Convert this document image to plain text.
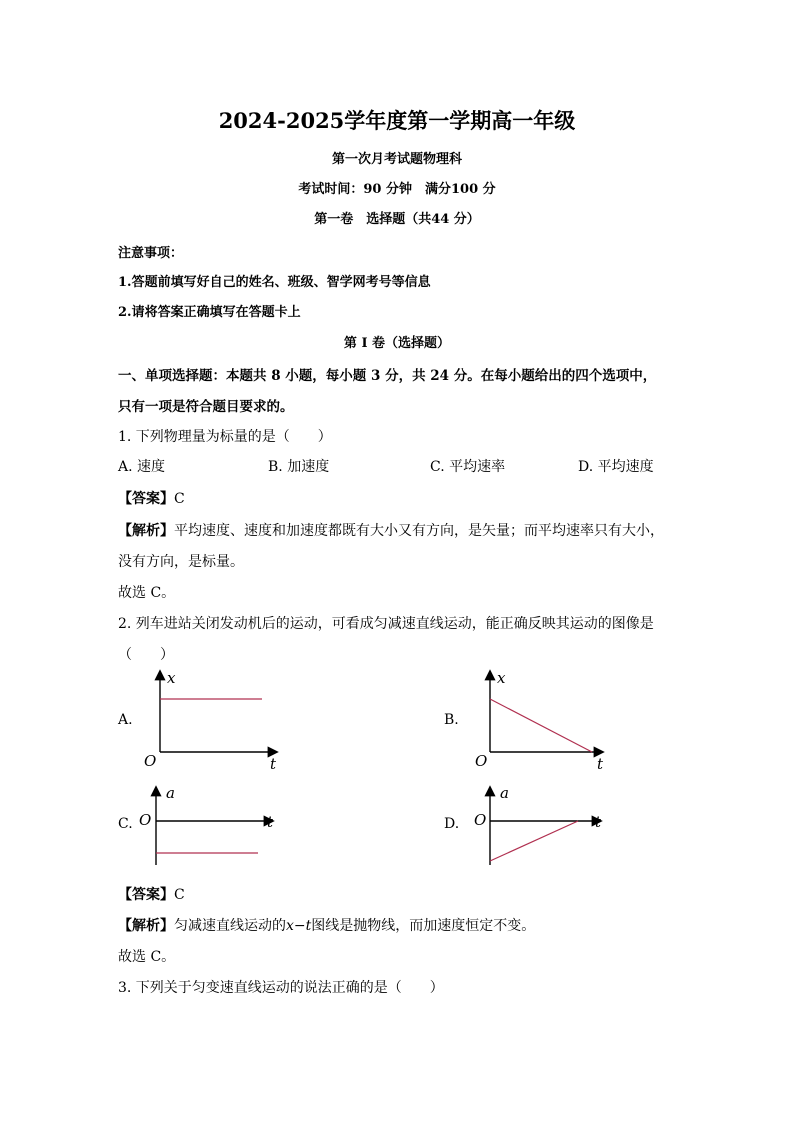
2024-2025学年度第一学期高一年级
第一次月考试题物理科
考试时间：90 分钟　满分100 分
第一卷　选择题（共44 分）
注意事项：
1.答题前填写好自己的姓名、班级、智学网考号等信息
2.请将答案正确填写在答题卡上
第 I 卷（选择题）
一、单项选择题：本题共 8 小题，每小题 3 分，共 24 分。在每小题给出的四个选项中，
只有一项是符合题目要求的。
1. 下列物理量为标量的是（　　）
A. 速度	B. 加速度	C. 平均速率	D. 平均速度
【答案】C
【解析】平均速度、速度和加速度都既有大小又有方向，是矢量；而平均速率只有大小，
没有方向，是标量。
故选 C。
2. 列车进站关闭发动机后的运动，可看成匀减速直线运动，能正确反映其运动的图像是
（　　）
A.	B.
C.	D.
x
O	t
x
O	t
a
O	t
a
O	t
【答案】C
【解析】匀减速直线运动的x−t图线是抛物线，而加速度恒定不变。
故选 C。
3. 下列关于匀变速直线运动的说法正确的是（　　）
